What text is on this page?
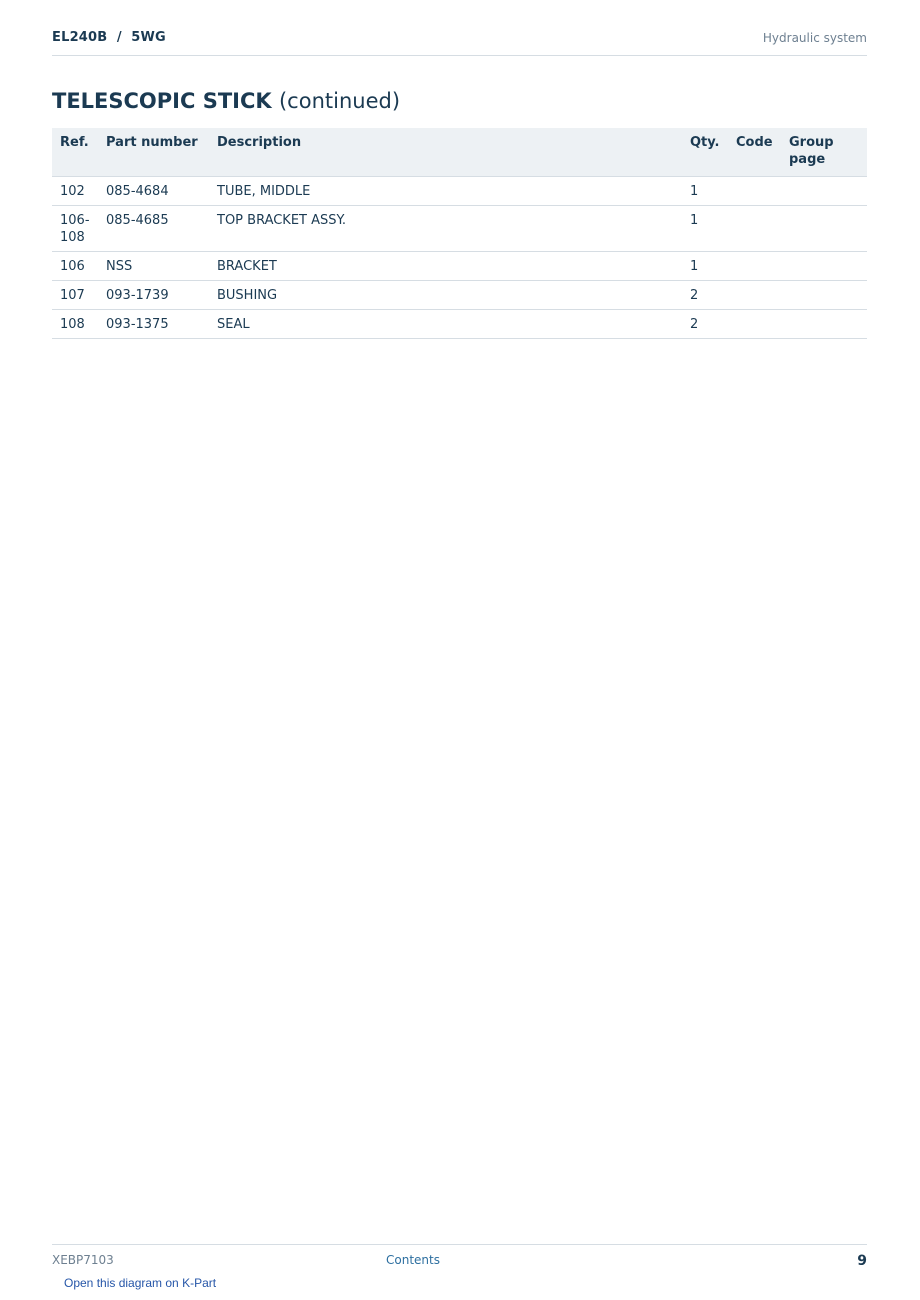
EL240B  /  5WG	Hydraulic system
TELESCOPIC STICK (continued)
Ref.	Part number	Description	Qty.	Code	Group page
102	085-4684	TUBE, MIDDLE	1		
106-108	085-4685	TOP BRACKET ASSY.	1		
106	NSS	BRACKET	1		
107	093-1739	BUSHING	2		
108	093-1375	SEAL	2		
XEBP7103	Contents	9
Open this diagram on K-Part
